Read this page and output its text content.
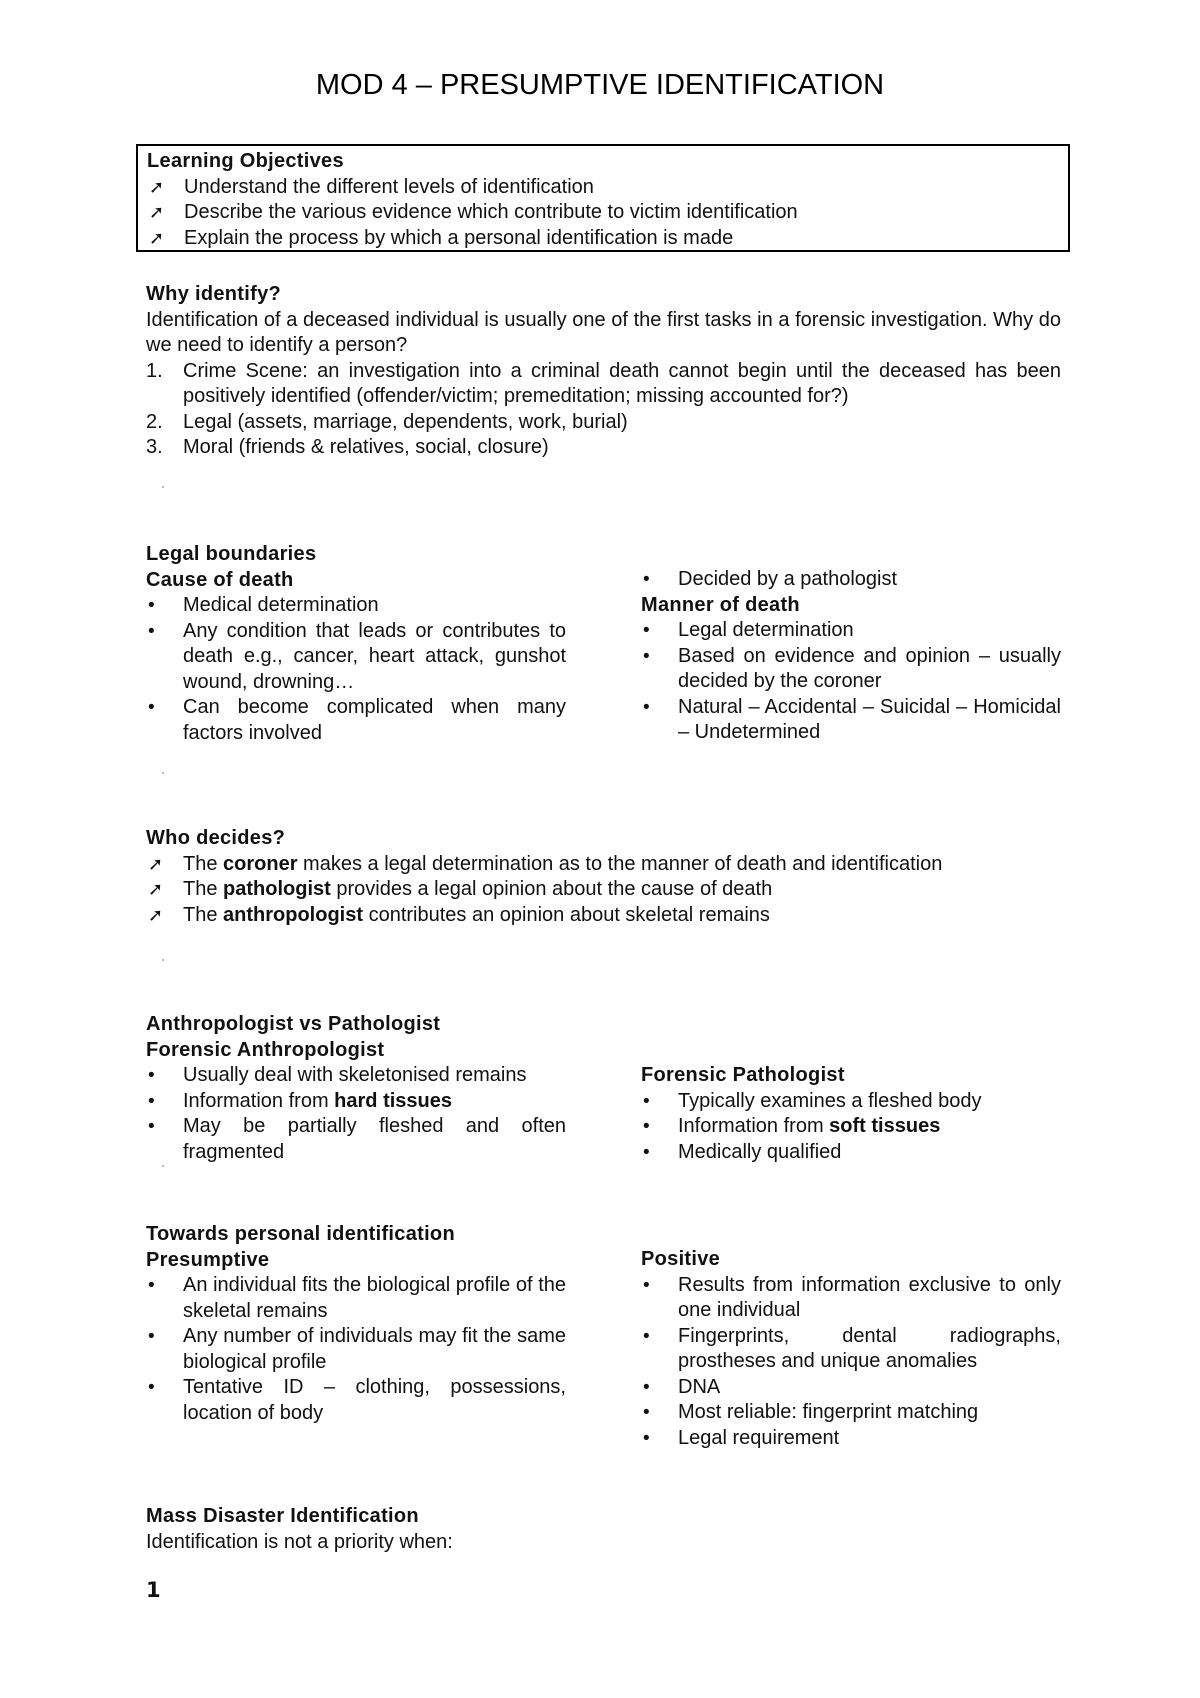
MOD 4 – PRESUMPTIVE IDENTIFICATION
Learning Objectives
➚ Understand the different levels of identification
➚ Describe the various evidence which contribute to victim identification
➚ Explain the process by which a personal identification is made
Why identify?
Identification of a deceased individual is usually one of the first tasks in a forensic investigation. Why do we need to identify a person?
1. Crime Scene: an investigation into a criminal death cannot begin until the deceased has been positively identified (offender/victim; premeditation; missing accounted for?)
2. Legal (assets, marriage, dependents, work, burial)
3. Moral (friends & relatives, social, closure)
Legal boundaries
Cause of death
• Medical determination
• Any condition that leads or contributes to death e.g., cancer, heart attack, gunshot wound, drowning…
• Can become complicated when many factors involved
• Decided by a pathologist
Manner of death
• Legal determination
• Based on evidence and opinion – usually decided by the coroner
• Natural – Accidental – Suicidal – Homicidal – Undetermined
Who decides?
➚ The coroner makes a legal determination as to the manner of death and identification
➚ The pathologist provides a legal opinion about the cause of death
➚ The anthropologist contributes an opinion about skeletal remains
Anthropologist vs Pathologist
Forensic Anthropologist
• Usually deal with skeletonised remains
• Information from hard tissues
• May be partially fleshed and often fragmented
Forensic Pathologist
• Typically examines a fleshed body
• Information from soft tissues
• Medically qualified
Towards personal identification
Presumptive
• An individual fits the biological profile of the skeletal remains
• Any number of individuals may fit the same biological profile
• Tentative ID – clothing, possessions, location of body
Positive
• Results from information exclusive to only one individual
• Fingerprints, dental radiographs, prostheses and unique anomalies
• DNA
• Most reliable: fingerprint matching
• Legal requirement
Mass Disaster Identification
Identification is not a priority when:
1
